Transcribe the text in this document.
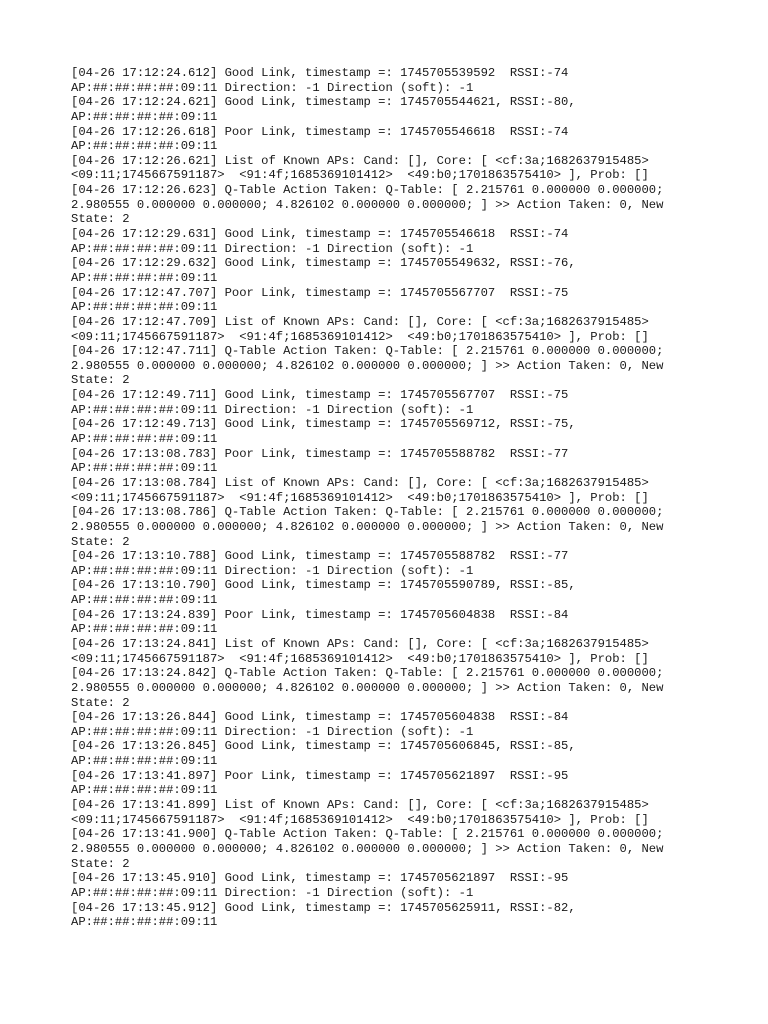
[04-26 17:12:24.612] Good Link, timestamp =: 1745705539592  RSSI:-74
AP:##:##:##:##:09:11 Direction: -1 Direction (soft): -1
[04-26 17:12:24.621] Good Link, timestamp =: 1745705544621, RSSI:-80,
AP:##:##:##:##:09:11
[04-26 17:12:26.618] Poor Link, timestamp =: 1745705546618  RSSI:-74
AP:##:##:##:##:09:11
[04-26 17:12:26.621] List of Known APs: Cand: [], Core: [ <cf:3a;1682637915485>
<09:11;1745667591187>  <91:4f;1685369101412>  <49:b0;1701863575410> ], Prob: []
[04-26 17:12:26.623] Q-Table Action Taken: Q-Table: [ 2.215761 0.000000 0.000000;
2.980555 0.000000 0.000000; 4.826102 0.000000 0.000000; ] >> Action Taken: 0, New
State: 2
[04-26 17:12:29.631] Good Link, timestamp =: 1745705546618  RSSI:-74
AP:##:##:##:##:09:11 Direction: -1 Direction (soft): -1
[04-26 17:12:29.632] Good Link, timestamp =: 1745705549632, RSSI:-76,
AP:##:##:##:##:09:11
[04-26 17:12:47.707] Poor Link, timestamp =: 1745705567707  RSSI:-75
AP:##:##:##:##:09:11
[04-26 17:12:47.709] List of Known APs: Cand: [], Core: [ <cf:3a;1682637915485>
<09:11;1745667591187>  <91:4f;1685369101412>  <49:b0;1701863575410> ], Prob: []
[04-26 17:12:47.711] Q-Table Action Taken: Q-Table: [ 2.215761 0.000000 0.000000;
2.980555 0.000000 0.000000; 4.826102 0.000000 0.000000; ] >> Action Taken: 0, New
State: 2
[04-26 17:12:49.711] Good Link, timestamp =: 1745705567707  RSSI:-75
AP:##:##:##:##:09:11 Direction: -1 Direction (soft): -1
[04-26 17:12:49.713] Good Link, timestamp =: 1745705569712, RSSI:-75,
AP:##:##:##:##:09:11
[04-26 17:13:08.783] Poor Link, timestamp =: 1745705588782  RSSI:-77
AP:##:##:##:##:09:11
[04-26 17:13:08.784] List of Known APs: Cand: [], Core: [ <cf:3a;1682637915485>
<09:11;1745667591187>  <91:4f;1685369101412>  <49:b0;1701863575410> ], Prob: []
[04-26 17:13:08.786] Q-Table Action Taken: Q-Table: [ 2.215761 0.000000 0.000000;
2.980555 0.000000 0.000000; 4.826102 0.000000 0.000000; ] >> Action Taken: 0, New
State: 2
[04-26 17:13:10.788] Good Link, timestamp =: 1745705588782  RSSI:-77
AP:##:##:##:##:09:11 Direction: -1 Direction (soft): -1
[04-26 17:13:10.790] Good Link, timestamp =: 1745705590789, RSSI:-85,
AP:##:##:##:##:09:11
[04-26 17:13:24.839] Poor Link, timestamp =: 1745705604838  RSSI:-84
AP:##:##:##:##:09:11
[04-26 17:13:24.841] List of Known APs: Cand: [], Core: [ <cf:3a;1682637915485>
<09:11;1745667591187>  <91:4f;1685369101412>  <49:b0;1701863575410> ], Prob: []
[04-26 17:13:24.842] Q-Table Action Taken: Q-Table: [ 2.215761 0.000000 0.000000;
2.980555 0.000000 0.000000; 4.826102 0.000000 0.000000; ] >> Action Taken: 0, New
State: 2
[04-26 17:13:26.844] Good Link, timestamp =: 1745705604838  RSSI:-84
AP:##:##:##:##:09:11 Direction: -1 Direction (soft): -1
[04-26 17:13:26.845] Good Link, timestamp =: 1745705606845, RSSI:-85,
AP:##:##:##:##:09:11
[04-26 17:13:41.897] Poor Link, timestamp =: 1745705621897  RSSI:-95
AP:##:##:##:##:09:11
[04-26 17:13:41.899] List of Known APs: Cand: [], Core: [ <cf:3a;1682637915485>
<09:11;1745667591187>  <91:4f;1685369101412>  <49:b0;1701863575410> ], Prob: []
[04-26 17:13:41.900] Q-Table Action Taken: Q-Table: [ 2.215761 0.000000 0.000000;
2.980555 0.000000 0.000000; 4.826102 0.000000 0.000000; ] >> Action Taken: 0, New
State: 2
[04-26 17:13:45.910] Good Link, timestamp =: 1745705621897  RSSI:-95
AP:##:##:##:##:09:11 Direction: -1 Direction (soft): -1
[04-26 17:13:45.912] Good Link, timestamp =: 1745705625911, RSSI:-82,
AP:##:##:##:##:09:11
